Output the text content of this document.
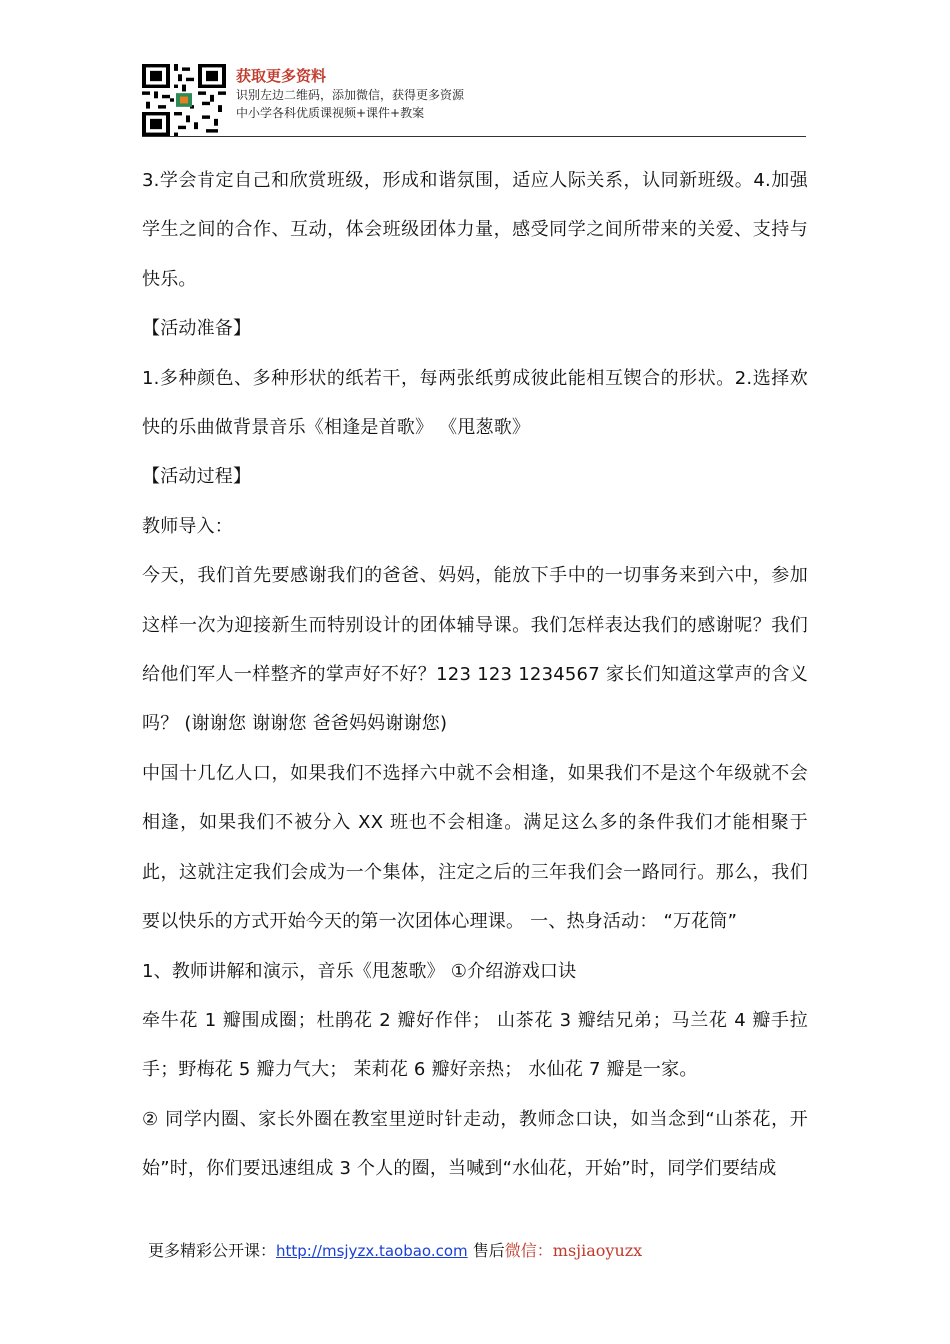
获取更多资料
识别左边二维码，添加微信，获得更多资源
中小学各科优质课视频+课件+教案

3.学会肯定自己和欣赏班级，形成和谐氛围，适应人际关系，认同新班级。4.加强学生之间的合作、互动，体会班级团体力量，感受同学之间所带来的关爱、支持与快乐。

【活动准备】

1.多种颜色、多种形状的纸若干，每两张纸剪成彼此能相互锲合的形状。2.选择欢快的乐曲做背景音乐《相逢是首歌》 《甩葱歌》

【活动过程】

教师导入：

今天，我们首先要感谢我们的爸爸、妈妈，能放下手中的一切事务来到六中，参加这样一次为迎接新生而特别设计的团体辅导课。我们怎样表达我们的感谢呢？我们给他们军人一样整齐的掌声好不好？123 123 1234567 家长们知道这掌声的含义吗？ (谢谢您 谢谢您 爸爸妈妈谢谢您)

中国十几亿人口，如果我们不选择六中就不会相逢，如果我们不是这个年级就不会相逢，如果我们不被分入 XX 班也不会相逢。满足这么多的条件我们才能相聚于此，这就注定我们会成为一个集体，注定之后的三年我们会一路同行。那么，我们要以快乐的方式开始今天的第一次团体心理课。 一、热身活动： “万花筒”

1、教师讲解和演示，音乐《甩葱歌》 ①介绍游戏口诀

牵牛花 1 瓣围成圈；杜鹃花 2 瓣好作伴； 山茶花 3 瓣结兄弟；马兰花 4 瓣手拉手；野梅花 5 瓣力气大； 茉莉花 6 瓣好亲热； 水仙花 7 瓣是一家。

② 同学内圈、家长外圈在教室里逆时针走动，教师念口诀，如当念到“山茶花，开始”时，你们要迅速组成 3 个人的圈，当喊到“水仙花，开始”时，同学们要结成

更多精彩公开课：http://msjyzx.taobao.com 售后微信：msjiaoyuzx
